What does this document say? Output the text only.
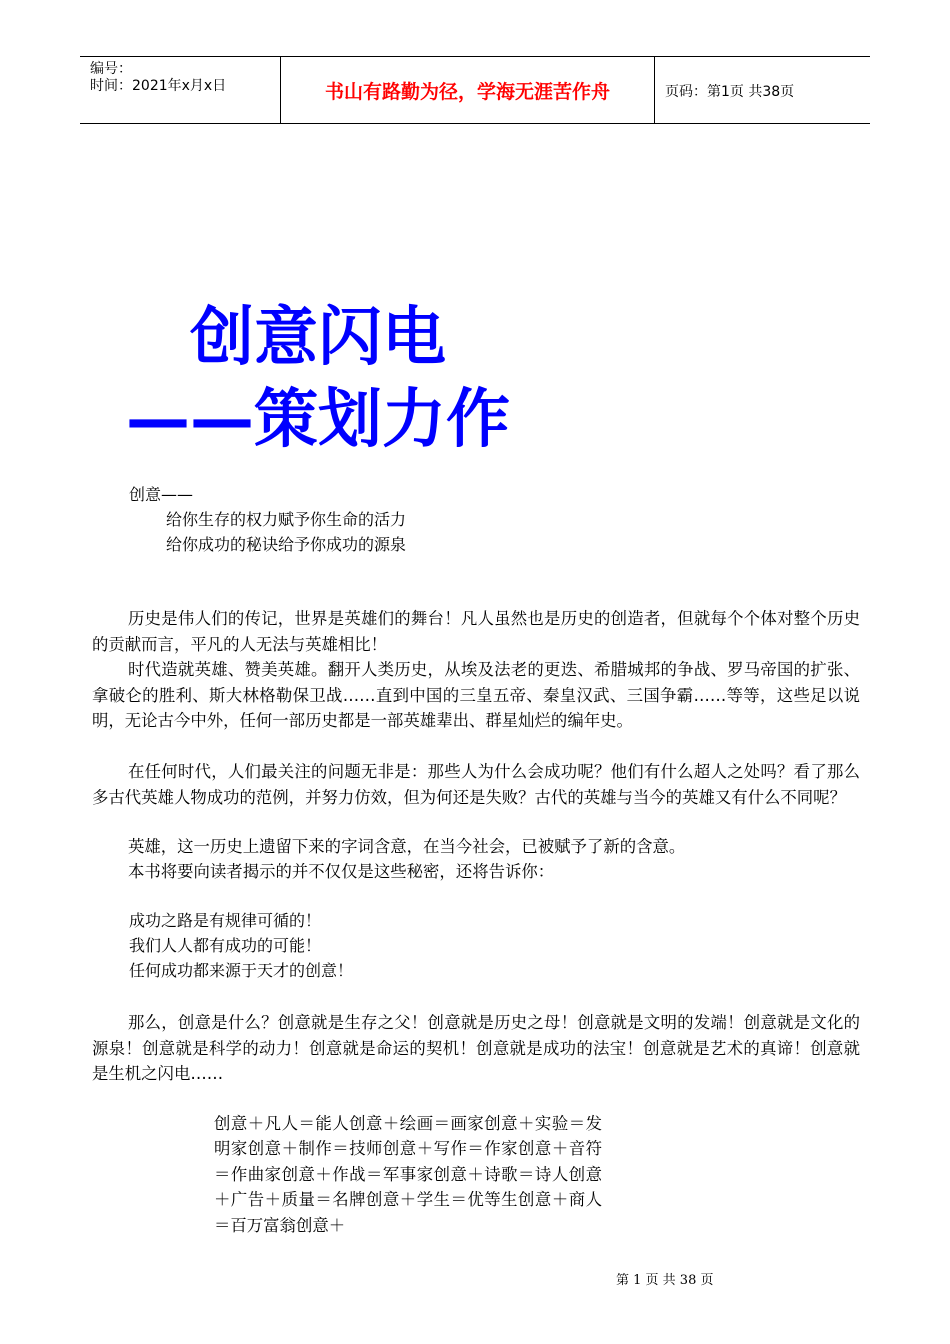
编号：
时间：2021年x月x日	书山有路勤为径，学海无涯苦作舟	页码：第1页 共38页
创意闪电
——策划力作
创意——
给你生存的权力赋予你生命的活力
给你成功的秘诀给予你成功的源泉
历史是伟人们的传记，世界是英雄们的舞台！凡人虽然也是历史的创造者，但就每个个体对整个历史的贡献而言，平凡的人无法与英雄相比！
时代造就英雄、赞美英雄。翻开人类历史，从埃及法老的更迭、希腊城邦的争战、罗马帝国的扩张、拿破仑的胜利、斯大林格勒保卫战……直到中国的三皇五帝、秦皇汉武、三国争霸……等等，这些足以说明，无论古今中外，任何一部历史都是一部英雄辈出、群星灿烂的编年史。
在任何时代，人们最关注的问题无非是：那些人为什么会成功呢？他们有什么超人之处吗？看了那么多古代英雄人物成功的范例，并努力仿效，但为何还是失败？古代的英雄与当今的英雄又有什么不同呢？
英雄，这一历史上遗留下来的字词含意，在当今社会，已被赋予了新的含意。
本书将要向读者揭示的并不仅仅是这些秘密，还将告诉你：
成功之路是有规律可循的！
我们人人都有成功的可能！
任何成功都来源于天才的创意！
那么，创意是什么？创意就是生存之父！创意就是历史之母！创意就是文明的发端！创意就是文化的源泉！创意就是科学的动力！创意就是命运的契机！创意就是成功的法宝！创意就是艺术的真谛！创意就是生机之闪电……
创意＋凡人＝能人创意＋绘画＝画家创意＋实验＝发明家创意＋制作＝技师创意＋写作＝作家创意＋音符＝作曲家创意＋作战＝军事家创意＋诗歌＝诗人创意＋广告＋质量＝名牌创意＋学生＝优等生创意＋商人＝百万富翁创意＋
第 1 页 共 38 页
